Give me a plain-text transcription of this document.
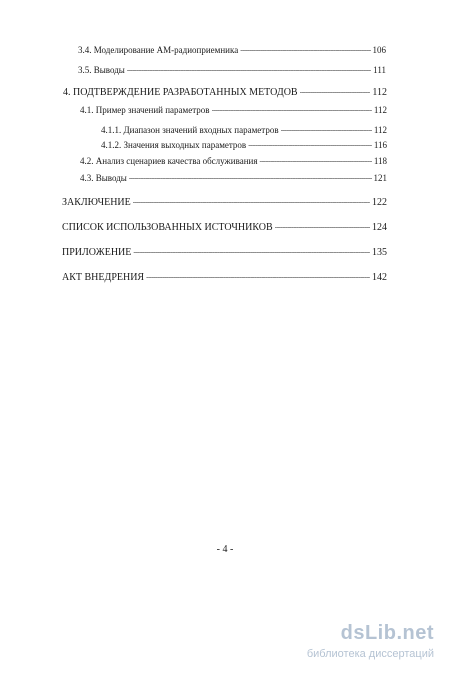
3.4. Моделирование АМ-радиоприемника -----	106
3.5. Выводы -----	111
4. ПОДТВЕРЖДЕНИЕ РАЗРАБОТАННЫХ МЕТОДОВ -----	112
4.1. Пример значений параметров -----	112
4.1.1. Диапазон значений входных параметров -----	112
4.1.2. Значения выходных параметров -----	116
4.2. Анализ сценариев качества обслуживания -----	118
4.3. Выводы -----	121
ЗАКЛЮЧЕНИЕ -----	122
СПИСОК ИСПОЛЬЗОВАННЫХ ИСТОЧНИКОВ -----	124
ПРИЛОЖЕНИЕ -----	135
АКТ ВНЕДРЕНИЯ -----	142
- 4 -
dsLib.net
библиотека диссертаций
